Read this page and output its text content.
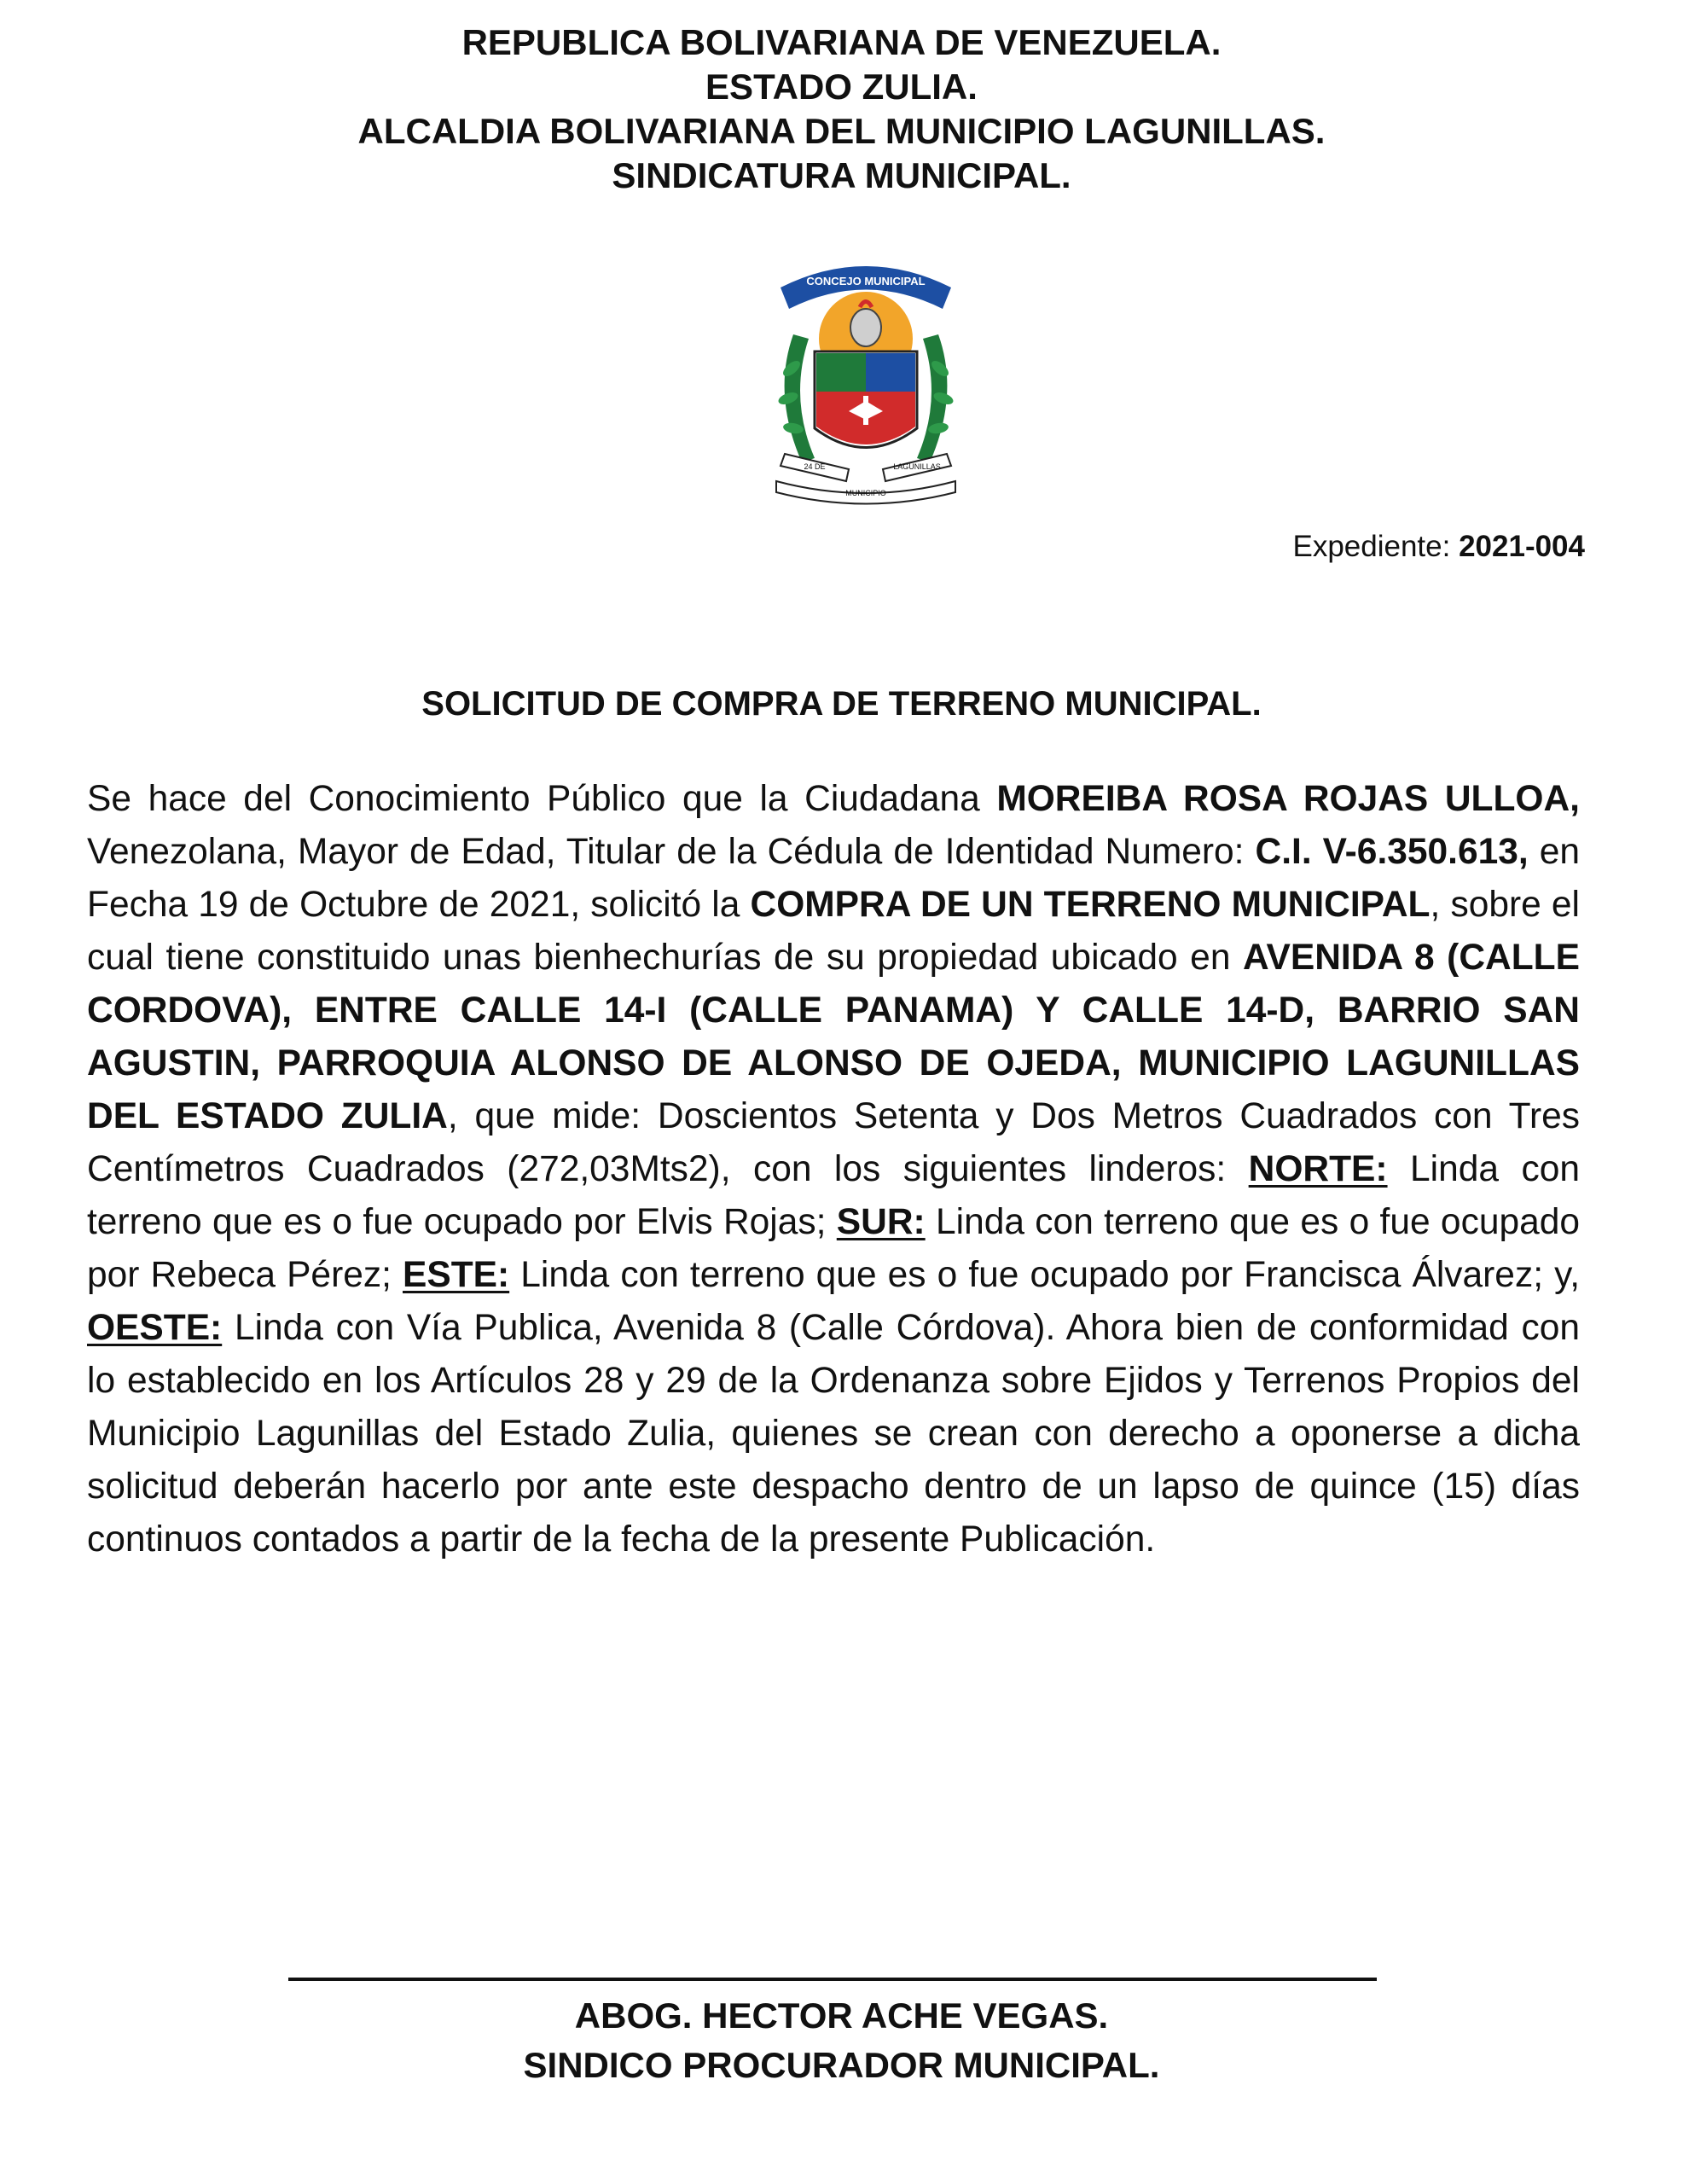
REPUBLICA BOLIVARIANA DE VENEZUELA.
ESTADO ZULIA.
ALCALDIA BOLIVARIANA DEL MUNICIPIO LAGUNILLAS.
SINDICATURA MUNICIPAL.
CONCEJO MUNICIPAL
24 DE	LAGUNILLAS
MUNICIPIO
Expediente: 2021-004
SOLICITUD DE COMPRA DE TERRENO MUNICIPAL.
Se hace del Conocimiento Público que la Ciudadana MOREIBA ROSA ROJAS ULLOA, Venezolana, Mayor de Edad, Titular de la Cédula de Identidad Numero: C.I. V-6.350.613, en Fecha 19 de Octubre de 2021, solicitó la COMPRA DE UN TERRENO MUNICIPAL, sobre el cual tiene constituido unas bienhechurías de su propiedad ubicado en AVENIDA 8 (CALLE CORDOVA), ENTRE CALLE 14-I (CALLE PANAMA) Y CALLE 14-D, BARRIO SAN AGUSTIN, PARROQUIA ALONSO DE ALONSO DE OJEDA, MUNICIPIO LAGUNILLAS DEL ESTADO ZULIA, que mide: Doscientos Setenta y Dos Metros Cuadrados con Tres Centímetros Cuadrados (272,03Mts2), con los siguientes linderos: NORTE: Linda con terreno que es o fue ocupado por Elvis Rojas; SUR: Linda con terreno que es o fue ocupado por Rebeca Pérez; ESTE: Linda con terreno que es o fue ocupado por Francisca Álvarez; y, OESTE: Linda con Vía Publica, Avenida 8 (Calle Córdova). Ahora bien de conformidad con lo establecido en los Artículos 28 y 29 de la Ordenanza sobre Ejidos y Terrenos Propios del Municipio Lagunillas del Estado Zulia, quienes se crean con derecho a oponerse a dicha solicitud deberán hacerlo por ante este despacho dentro de un lapso de quince (15) días continuos contados a partir de la fecha de la presente Publicación.
ABOG. HECTOR ACHE VEGAS.
SINDICO PROCURADOR MUNICIPAL.
